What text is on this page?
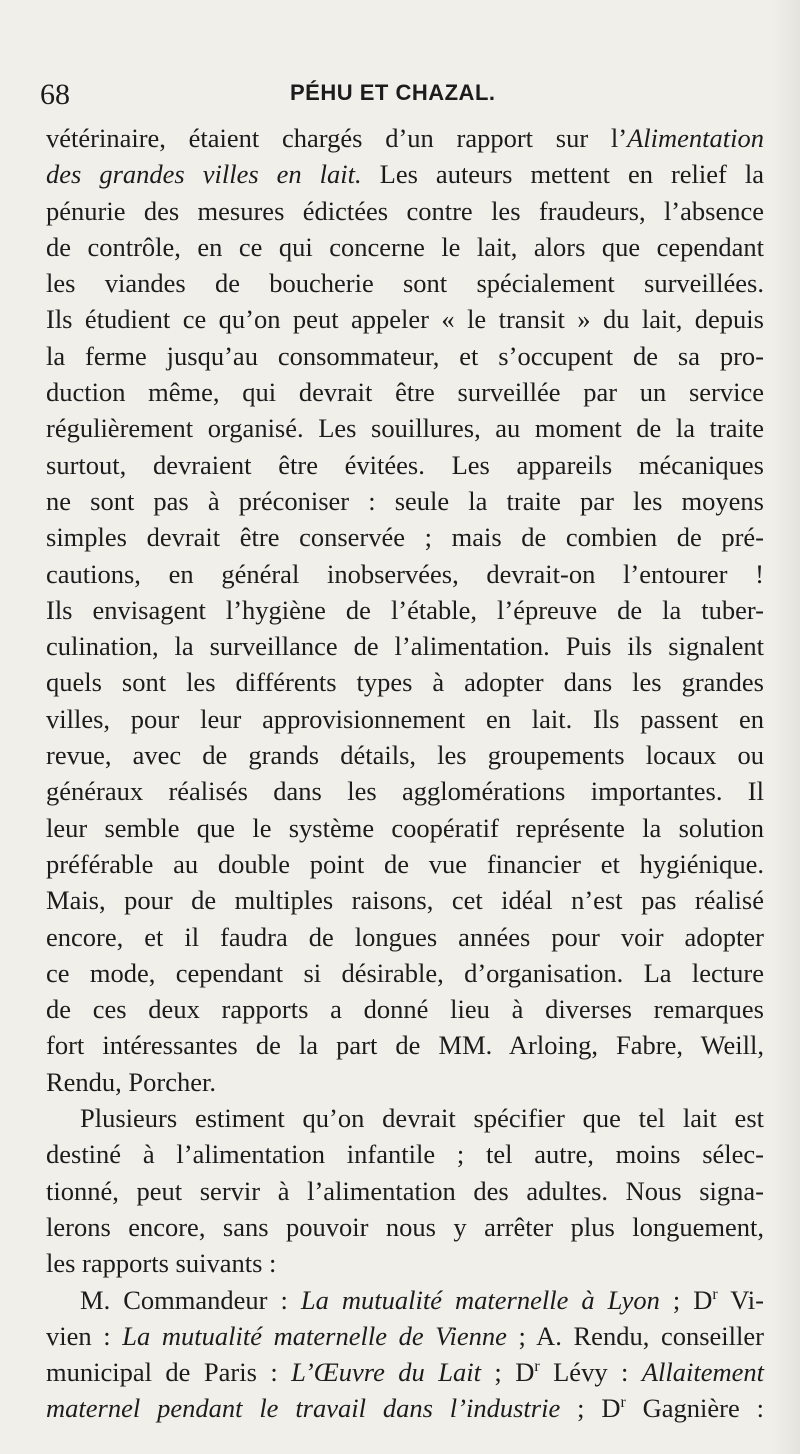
68	PÉHU ET CHAZAL.
vétérinaire, étaient chargés d’un rapport sur l’Alimentation
des grandes villes en lait. Les auteurs mettent en relief la
pénurie des mesures édictées contre les fraudeurs, l’absence
de contrôle, en ce qui concerne le lait, alors que cependant
les viandes de boucherie sont spécialement surveillées.
Ils étudient ce qu’on peut appeler « le transit » du lait, depuis
la ferme jusqu’au consommateur, et s’occupent de sa pro-
duction même, qui devrait être surveillée par un service
régulièrement organisé. Les souillures, au moment de la traite
surtout, devraient être évitées. Les appareils mécaniques
ne sont pas à préconiser : seule la traite par les moyens
simples devrait être conservée ; mais de combien de pré-
cautions, en général inobservées, devrait-on l’entourer !
Ils envisagent l’hygiène de l’étable, l’épreuve de la tuber-
culination, la surveillance de l’alimentation. Puis ils signalent
quels sont les différents types à adopter dans les grandes
villes, pour leur approvisionnement en lait. Ils passent en
revue, avec de grands détails, les groupements locaux ou
généraux réalisés dans les agglomérations importantes. Il
leur semble que le système coopératif représente la solution
préférable au double point de vue financier et hygiénique.
Mais, pour de multiples raisons, cet idéal n’est pas réalisé
encore, et il faudra de longues années pour voir adopter
ce mode, cependant si désirable, d’organisation. La lecture
de ces deux rapports a donné lieu à diverses remarques
fort intéressantes de la part de MM. Arloing, Fabre, Weill,
Rendu, Porcher.
Plusieurs estiment qu’on devrait spécifier que tel lait est
destiné à l’alimentation infantile ; tel autre, moins sélec-
tionné, peut servir à l’alimentation des adultes. Nous signa-
lerons encore, sans pouvoir nous y arrêter plus longuement,
les rapports suivants :
M. Commandeur : La mutualité maternelle à Lyon ; $D^r$ Vi-
vien : La mutualité maternelle de Vienne ; A. Rendu, conseiller
municipal de Paris : L’Œuvre du Lait ; $D^r$ Lévy : Allaitement
maternel pendant le travail dans l’industrie ; $D^r$ Gagnière :
